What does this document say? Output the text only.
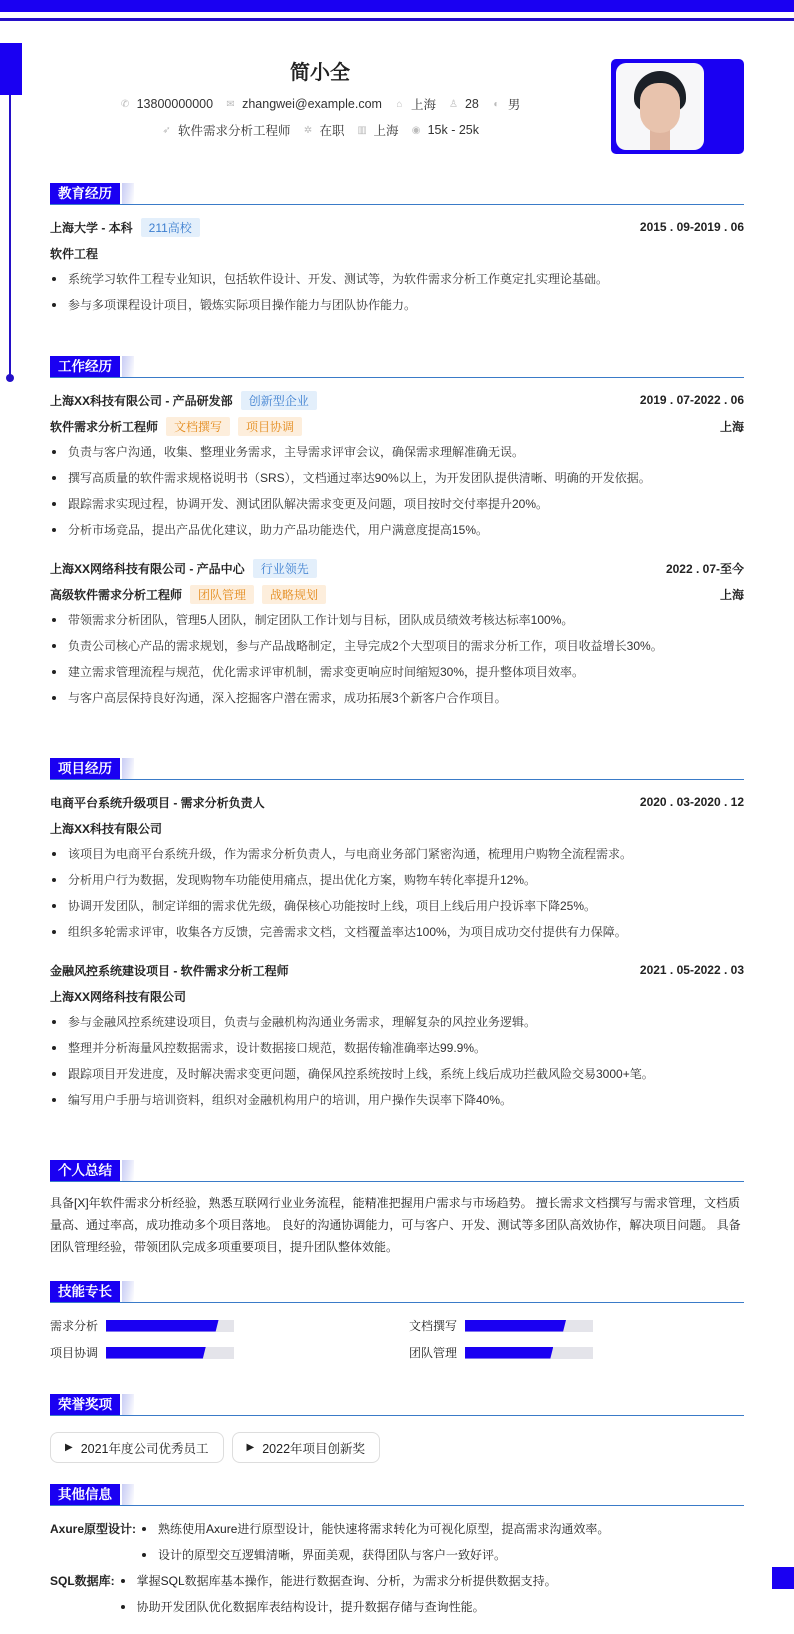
简小全
✆ 13800000000 ✉ zhangwei@example.com ⌂ 上海 ♙ 28 ◐ 男
➶ 软件需求分析工程师 ✲ 在职 ▥ 上海 ◉ 15k - 25k
教育经历
上海大学 - 本科 211高校	2015 . 09-2019 . 06
软件工程
系统学习软件工程专业知识，包括软件设计、开发、测试等，为软件需求分析工作奠定扎实理论基础。
参与多项课程设计项目，锻炼实际项目操作能力与团队协作能力。
工作经历
上海XX科技有限公司 - 产品研发部 创新型企业	2019 . 07-2022 . 06
软件需求分析工程师 文档撰写 项目协调	上海
负责与客户沟通，收集、整理业务需求，主导需求评审会议，确保需求理解准确无误。
撰写高质量的软件需求规格说明书（SRS），文档通过率达90%以上，为开发团队提供清晰、明确的开发依据。
跟踪需求实现过程，协调开发、测试团队解决需求变更及问题，项目按时交付率提升20%。
分析市场竞品，提出产品优化建议，助力产品功能迭代，用户满意度提高15%。
上海XX网络科技有限公司 - 产品中心 行业领先	2022 . 07-至今
高级软件需求分析工程师 团队管理 战略规划	上海
带领需求分析团队，管理5人团队，制定团队工作计划与目标，团队成员绩效考核达标率100%。
负责公司核心产品的需求规划，参与产品战略制定，主导完成2个大型项目的需求分析工作，项目收益增长30%。
建立需求管理流程与规范，优化需求评审机制，需求变更响应时间缩短30%，提升整体项目效率。
与客户高层保持良好沟通，深入挖掘客户潜在需求，成功拓展3个新客户合作项目。
项目经历
电商平台系统升级项目 - 需求分析负责人	2020 . 03-2020 . 12
上海XX科技有限公司
该项目为电商平台系统升级，作为需求分析负责人，与电商业务部门紧密沟通，梳理用户购物全流程需求。
分析用户行为数据，发现购物车功能使用痛点，提出优化方案，购物车转化率提升12%。
协调开发团队，制定详细的需求优先级，确保核心功能按时上线，项目上线后用户投诉率下降25%。
组织多轮需求评审，收集各方反馈，完善需求文档，文档覆盖率达100%，为项目成功交付提供有力保障。
金融风控系统建设项目 - 软件需求分析工程师	2021 . 05-2022 . 03
上海XX网络科技有限公司
参与金融风控系统建设项目，负责与金融机构沟通业务需求，理解复杂的风控业务逻辑。
整理并分析海量风控数据需求，设计数据接口规范，数据传输准确率达99.9%。
跟踪项目开发进度，及时解决需求变更问题，确保风控系统按时上线，系统上线后成功拦截风险交易3000+笔。
编写用户手册与培训资料，组织对金融机构用户的培训，用户操作失误率下降40%。
个人总结

具备[X]年软件需求分析经验，熟悉互联网行业业务流程，能精准把握用户需求与市场趋势。 擅长需求文档撰写与需求管理，文档质量高、通过率高，成功推动多个项目落地。 良好的沟通协调能力，可与客户、开发、测试等多团队高效协作，解决项目问题。 具备团队管理经验，带领团队完成多项重要项目，提升团队整体效能。

技能专长
需求分析	文档撰写
项目协调	团队管理
荣誉奖项
▶ 2021年度公司优秀员工	▶ 2022年项目创新奖
其他信息
Axure原型设计:	熟练使用Axure进行原型设计，能快速将需求转化为可视化原型，提高需求沟通效率。
设计的原型交互逻辑清晰，界面美观，获得团队与客户一致好评。
SQL数据库:	掌握SQL数据库基本操作，能进行数据查询、分析，为需求分析提供数据支持。
协助开发团队优化数据库表结构设计，提升数据存储与查询性能。
